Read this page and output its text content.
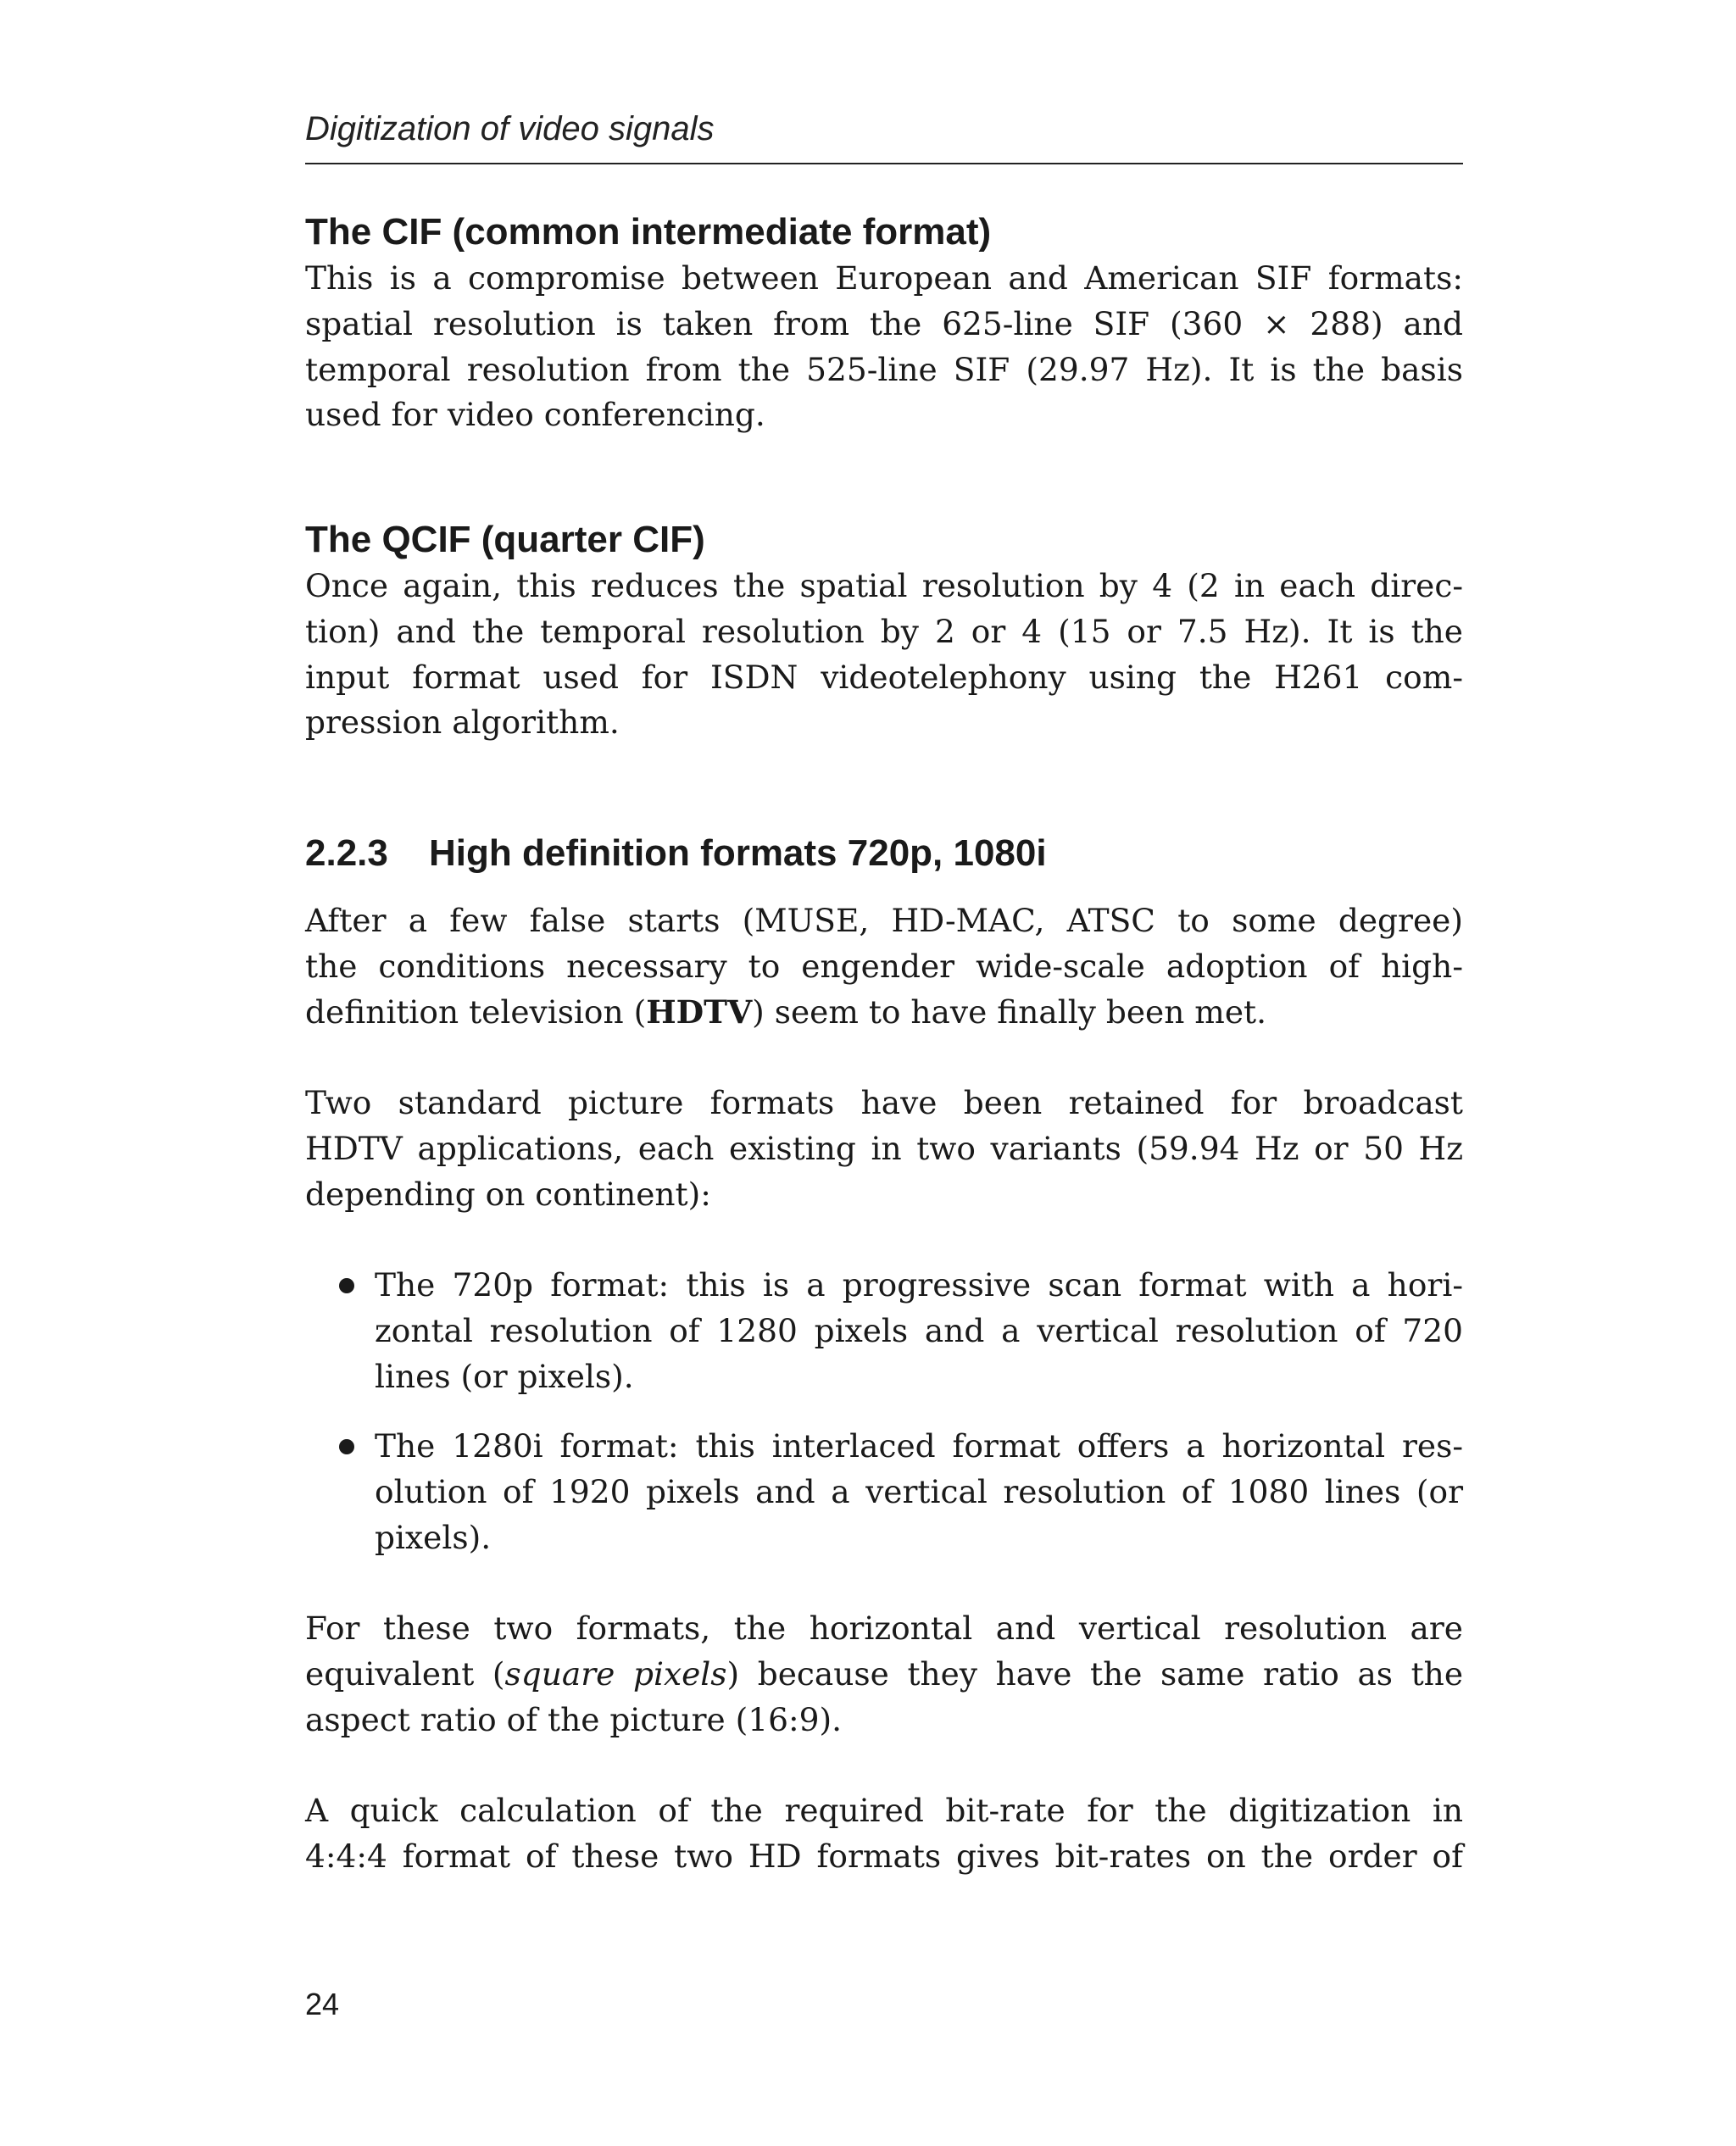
Digitization of video signals
The CIF (common intermediate format)
This is a compromise between European and American SIF formats:
spatial resolution is taken from the 625-line SIF (360 × 288) and
temporal resolution from the 525-line SIF (29.97 Hz). It is the basis
used for video conferencing.
The QCIF (quarter CIF)
Once again, this reduces the spatial resolution by 4 (2 in each direc-
tion) and the temporal resolution by 2 or 4 (15 or 7.5 Hz). It is the
input format used for ISDN videotelephony using the H261 com-
pression algorithm.
2.2.3 High definition formats 720p, 1080i
After a few false starts (MUSE, HD-MAC, ATSC to some degree)
the conditions necessary to engender wide-scale adoption of high-
definition television (HDTV) seem to have finally been met.
Two standard picture formats have been retained for broadcast
HDTV applications, each existing in two variants (59.94 Hz or 50 Hz
depending on continent):
The 720p format: this is a progressive scan format with a hori-
zontal resolution of 1280 pixels and a vertical resolution of 720
lines (or pixels).
The 1280i format: this interlaced format offers a horizontal res-
olution of 1920 pixels and a vertical resolution of 1080 lines (or
pixels).
For these two formats, the horizontal and vertical resolution are
equivalent (square pixels) because they have the same ratio as the
aspect ratio of the picture (16:9).
A quick calculation of the required bit-rate for the digitization in
4:4:4 format of these two HD formats gives bit-rates on the order of
24
